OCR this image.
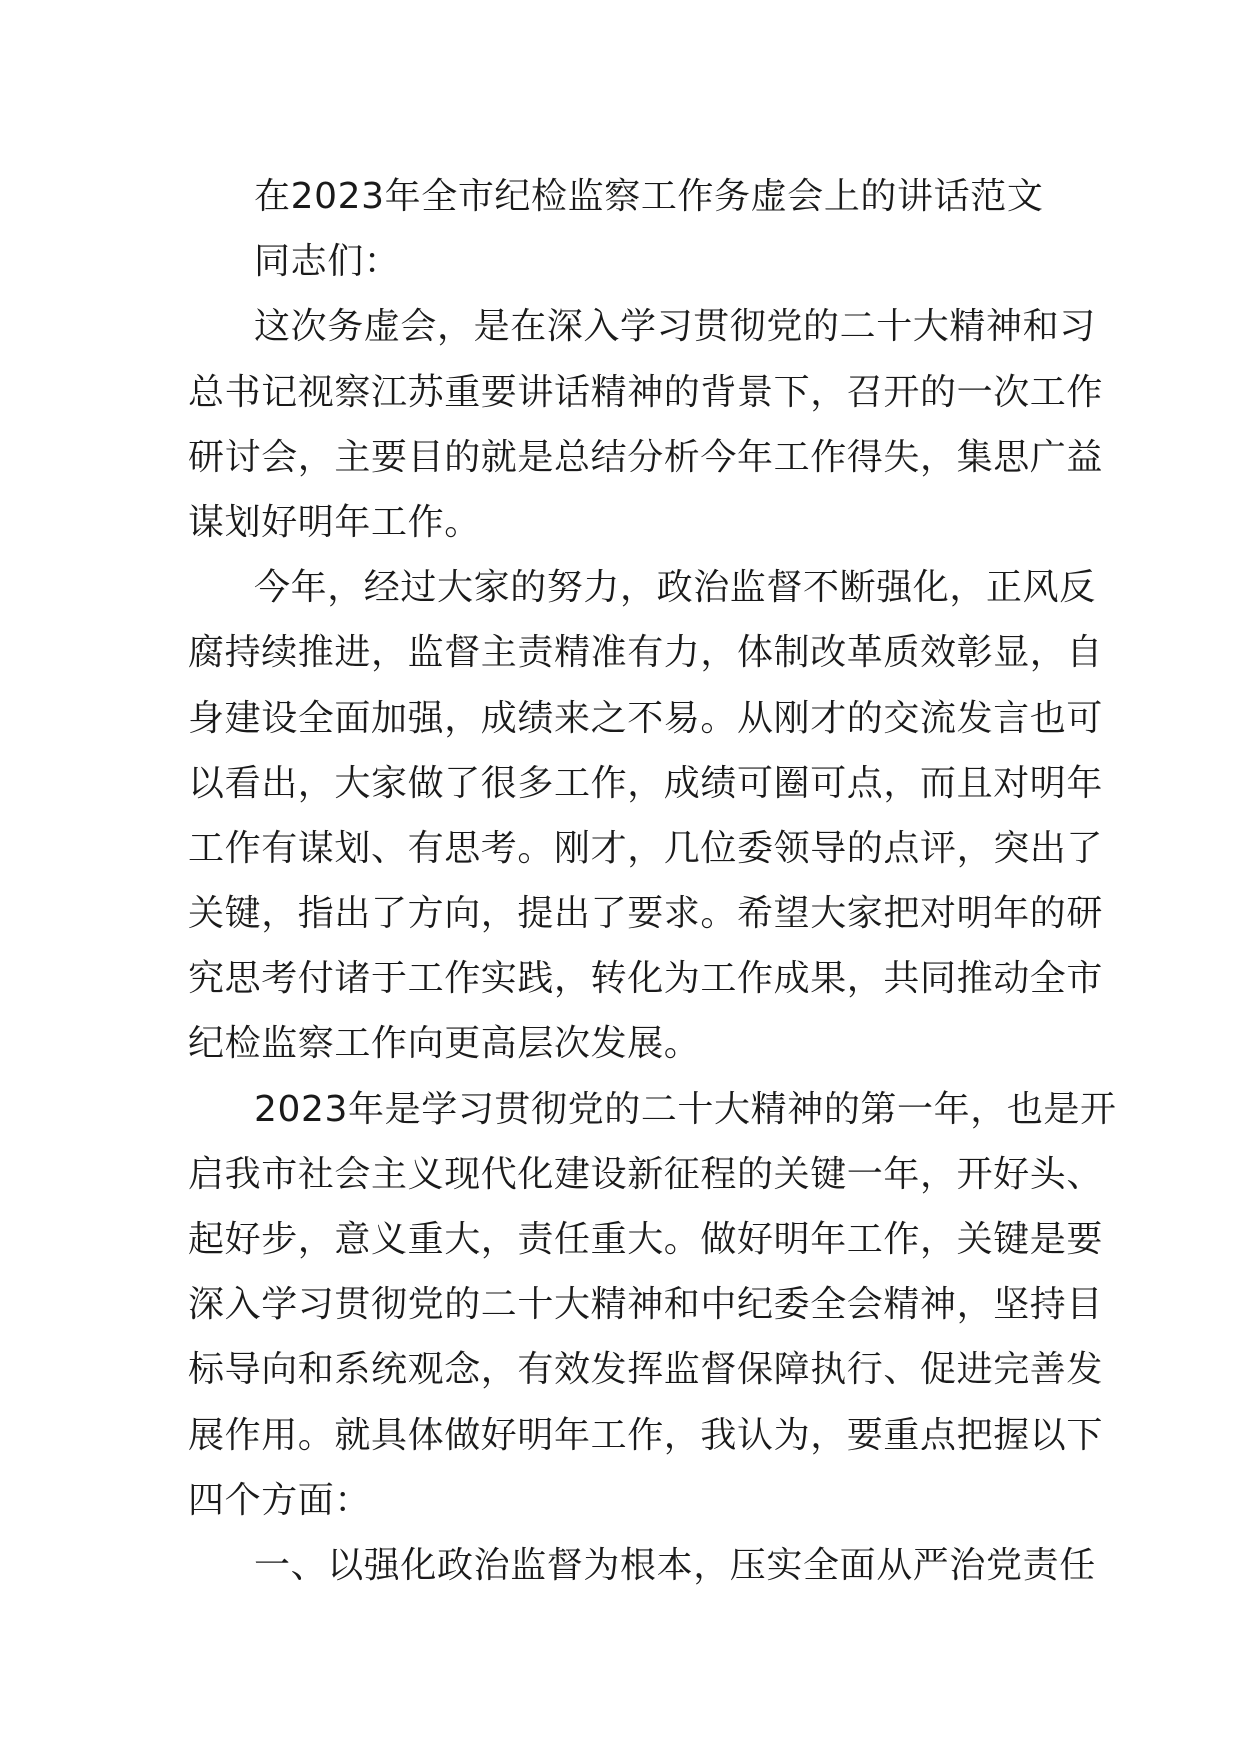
在2023年全市纪检监察工作务虚会上的讲话范文
同志们：
这次务虚会，是在深入学习贯彻党的二十大精神和习
总书记视察江苏重要讲话精神的背景下，召开的一次工作
研讨会，主要目的就是总结分析今年工作得失，集思广益
谋划好明年工作。
今年，经过大家的努力，政治监督不断强化，正风反
腐持续推进，监督主责精准有力，体制改革质效彰显，自
身建设全面加强，成绩来之不易。从刚才的交流发言也可
以看出，大家做了很多工作，成绩可圈可点，而且对明年
工作有谋划、有思考。刚才，几位委领导的点评，突出了
关键，指出了方向，提出了要求。希望大家把对明年的研
究思考付诸于工作实践，转化为工作成果，共同推动全市
纪检监察工作向更高层次发展。
2023年是学习贯彻党的二十大精神的第一年，也是开
启我市社会主义现代化建设新征程的关键一年，开好头、
起好步，意义重大，责任重大。做好明年工作，关键是要
深入学习贯彻党的二十大精神和中纪委全会精神，坚持目
标导向和系统观念，有效发挥监督保障执行、促进完善发
展作用。就具体做好明年工作，我认为，要重点把握以下
四个方面：
一、以强化政治监督为根本，压实全面从严治党责任
